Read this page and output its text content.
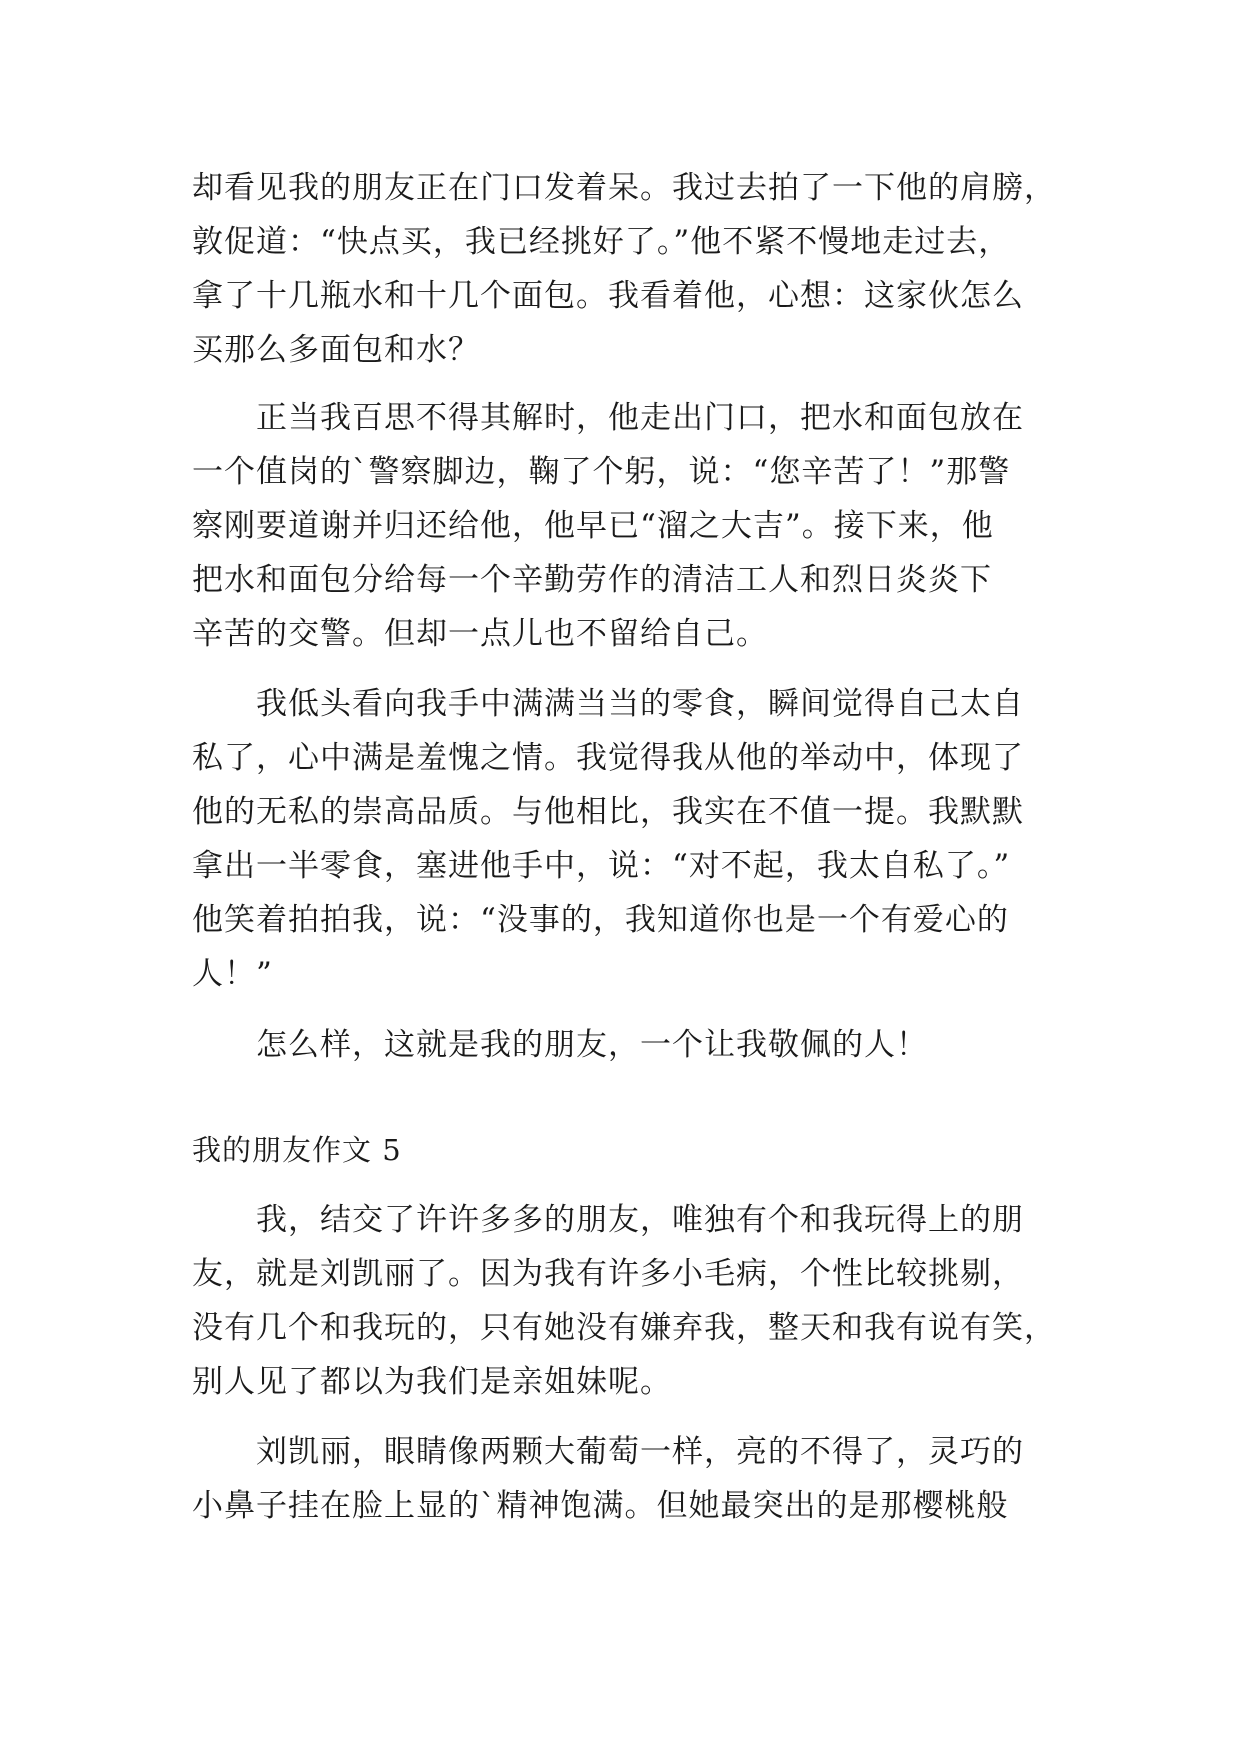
却看见我的朋友正在门口发着呆。我过去拍了一下他的肩膀，
敦促道：“快点买，我已经挑好了。”他不紧不慢地走过去，
拿了十几瓶水和十几个面包。我看着他，心想：这家伙怎么
买那么多面包和水？
　　正当我百思不得其解时，他走出门口，把水和面包放在
一个值岗的`警察脚边，鞠了个躬，说：“您辛苦了！”那警
察刚要道谢并归还给他，他早已“溜之大吉”。接下来，他
把水和面包分给每一个辛勤劳作的清洁工人和烈日炎炎下
辛苦的交警。但却一点儿也不留给自己。
　　我低头看向我手中满满当当的零食，瞬间觉得自己太自
私了，心中满是羞愧之情。我觉得我从他的举动中，体现了
他的无私的崇高品质。与他相比，我实在不值一提。我默默
拿出一半零食，塞进他手中，说：“对不起，我太自私了。”
他笑着拍拍我，说：“没事的，我知道你也是一个有爱心的
人！”
　　怎么样，这就是我的朋友，一个让我敬佩的人！
我的朋友作文 5
　　我，结交了许许多多的朋友，唯独有个和我玩得上的朋
友，就是刘凯丽了。因为我有许多小毛病，个性比较挑剔，
没有几个和我玩的，只有她没有嫌弃我，整天和我有说有笑，
别人见了都以为我们是亲姐妹呢。
　　刘凯丽，眼睛像两颗大葡萄一样，亮的不得了，灵巧的
小鼻子挂在脸上显的`精神饱满。但她最突出的是那樱桃般
